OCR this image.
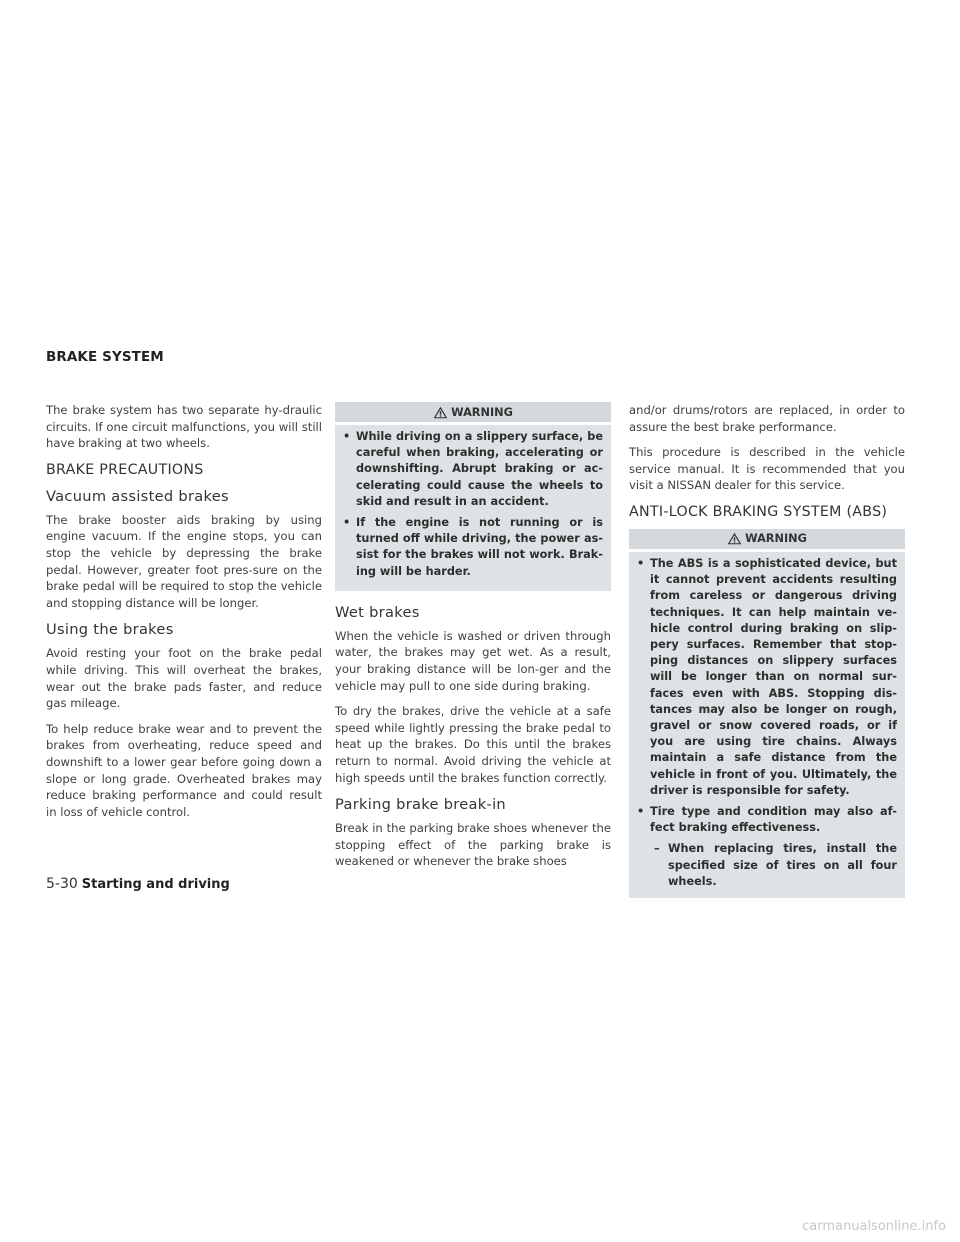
BRAKE SYSTEM

The brake system has two separate hy-draulic circuits. If one circuit malfunctions, you will still have braking at two wheels.

BRAKE PRECAUTIONS
Vacuum assisted brakes

The brake booster aids braking by using engine vacuum. If the engine stops, you can stop the vehicle by depressing the brake pedal. However, greater foot pres-sure on the brake pedal will be required to stop the vehicle and stopping distance will be longer.

Using the brakes

Avoid resting your foot on the brake pedal while driving. This will overheat the brakes, wear out the brake pads faster, and reduce gas mileage.

To help reduce brake wear and to prevent the brakes from overheating, reduce speed and downshift to a lower gear before going down a slope or long grade. Overheated brakes may reduce braking performance and could result in loss of vehicle control.

WARNING
• While driving on a slippery surface, be careful when braking, accelerating or downshifting. Abrupt braking or ac-celerating could cause the wheels to skid and result in an accident.
• If the engine is not running or is turned off while driving, the power as-sist for the brakes will not work. Brak-ing will be harder.
Wet brakes

When the vehicle is washed or driven through water, the brakes may get wet. As a result, your braking distance will be lon-ger and the vehicle may pull to one side during braking.

To dry the brakes, drive the vehicle at a safe speed while lightly pressing the brake pedal to heat up the brakes. Do this until the brakes return to normal. Avoid driving the vehicle at high speeds until the brakes function correctly.

Parking brake break-in

Break in the parking brake shoes whenever the stopping effect of the parking brake is weakened or whenever the brake shoes

and/or drums/rotors are replaced, in order to assure the best brake performance.

This procedure is described in the vehicle service manual. It is recommended that you visit a NISSAN dealer for this service.

ANTI-LOCK BRAKING SYSTEM (ABS)
WARNING
• The ABS is a sophisticated device, but it cannot prevent accidents resulting from careless or dangerous driving techniques. It can help maintain ve-hicle control during braking on slip-pery surfaces. Remember that stop-ping distances on slippery surfaces will be longer than on normal sur-faces even with ABS. Stopping dis-tances may also be longer on rough, gravel or snow covered roads, or if you are using tire chains. Always maintain a safe distance from the vehicle in front of you. Ultimately, the driver is responsible for safety.
• Tire type and condition may also af-fect braking effectiveness.
– When replacing tires, install the specified size of tires on all four wheels.
5-30 Starting and driving
carmanualsonline.info
